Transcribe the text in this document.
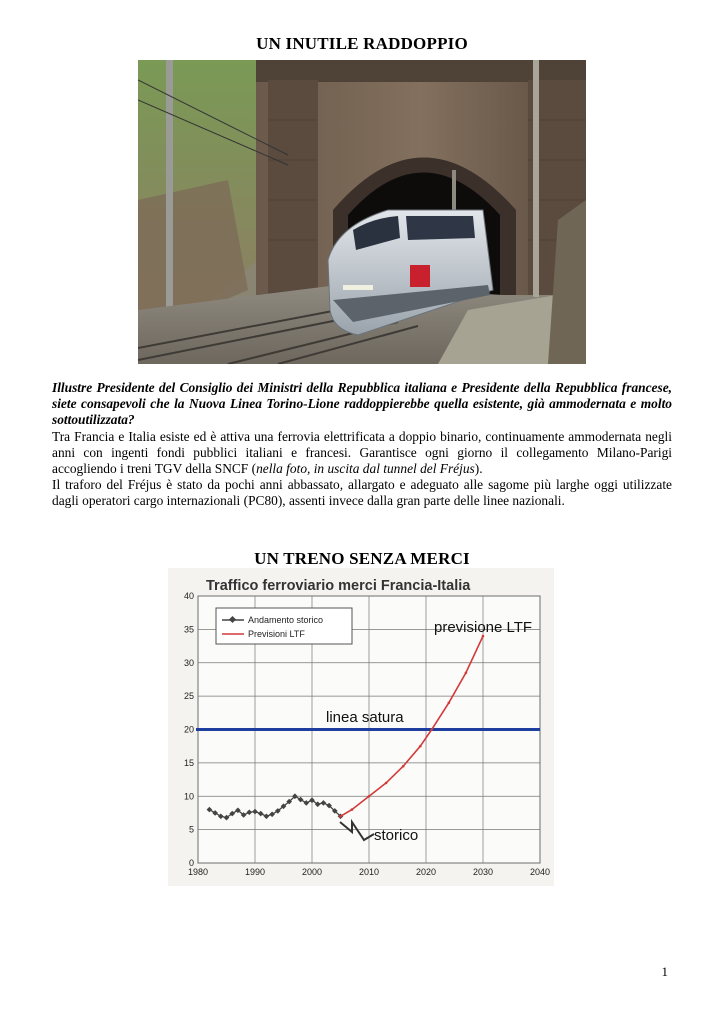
UN INUTILE RADDOPPIO

Illustre Presidente del Consiglio dei Ministri della Repubblica italiana e Presidente della Repubblica francese, siete consapevoli che la Nuova Linea Torino-Lione raddoppierebbe quella esistente, già ammodernata e molto sottoutilizzata?

Tra Francia e Italia esiste ed è attiva una ferrovia elettrificata a doppio binario, continuamente ammodernata negli anni con ingenti fondi pubblici italiani e francesi. Garantisce ogni giorno il collegamento Milano-Parigi accogliendo i treni TGV della SNCF (nella foto, in uscita dal tunnel del Fréjus).

Il traforo del Fréjus è stato da pochi anni abbassato, allargato e adeguato alle sagome più larghe oggi utilizzate dagli operatori cargo internazionali (PC80), assenti invece dalla gran parte delle linee nazionali.

UN TRENO SENZA MERCI
Traffico ferroviario merci Francia-Italia
1980	1990	2000	2010	2020	2030	2040
0
5
10
15
20
25
30
35
40
Andamento storico
Previsioni LTF	previsione LTF
linea satura
storico
1
